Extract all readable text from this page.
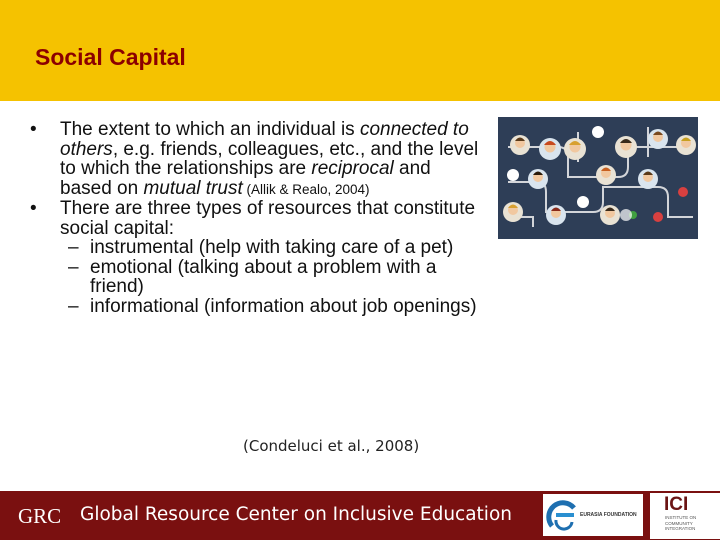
Social Capital
•	The extent to which an individual is connected to others, e.g. friends, colleagues, etc., and the level to which the relationships are reciprocal and based on mutual trust (Allik & Realo, 2004)
•	There are three types of resources that constitute social capital:
– instrumental (help with taking care of a pet)
– emotional (talking about a problem with a friend)
– informational (information about job openings)
(Condeluci et al., 2008)
GRC Global Resource Center on Inclusive Education	EURASIA FOUNDATION ICI
INSTITUTE ON COMMUNITY INTEGRATION
